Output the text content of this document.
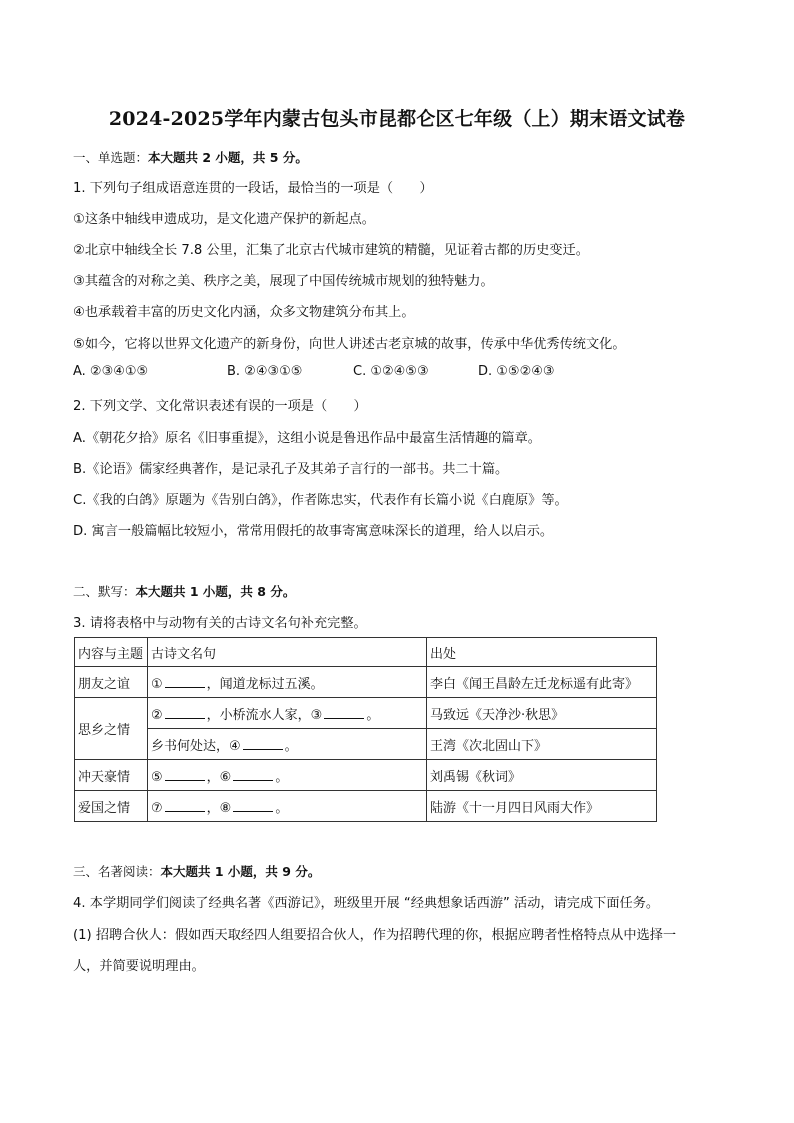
2024-2025学年内蒙古包头市昆都仑区七年级（上）期末语文试卷
一、单选题：本大题共 2 小题，共 5 分。
1. 下列句子组成语意连贯的一段话，最恰当的一项是（　　）
①这条中轴线申遗成功，是文化遗产保护的新起点。
②北京中轴线全长 7.8 公里，汇集了北京古代城市建筑的精髓，见证着古都的历史变迁。
③其蕴含的对称之美、秩序之美，展现了中国传统城市规划的独特魅力。
④也承载着丰富的历史文化内涵，众多文物建筑分布其上。
⑤如今，它将以世界文化遗产的新身份，向世人讲述古老京城的故事，传承中华优秀传统文化。
A. ②③④①⑤	B. ②④③①⑤	C. ①②④⑤③	D. ①⑤②④③
2. 下列文学、文化常识表述有误的一项是（　　）
A.《朝花夕拾》原名《旧事重提》，这组小说是鲁迅作品中最富生活情趣的篇章。
B.《论语》儒家经典著作，是记录孔子及其弟子言行的一部书。共二十篇。
C.《我的白鸽》原题为《告别白鸽》，作者陈忠实，代表作有长篇小说《白鹿原》等。
D. 寓言一般篇幅比较短小，常常用假托的故事寄寓意味深长的道理，给人以启示。
二、默写：本大题共 1 小题，共 8 分。
3. 请将表格中与动物有关的古诗文名句补充完整。
内容与主题	古诗文名句	出处
朋友之谊	① ，闻道龙标过五溪。	李白《闻王昌龄左迁龙标遥有此寄》
思乡之情	② ，小桥流水人家，③ 。	马致远《天净沙·秋思》
	乡书何处达，④ 。	王湾《次北固山下》
冲天豪情	⑤ ，⑥ 。	刘禹锡《秋词》
爱国之情	⑦ ，⑧ 。	陆游《十一月四日风雨大作》
三、名著阅读：本大题共 1 小题，共 9 分。
4. 本学期同学们阅读了经典名著《西游记》，班级里开展 “经典想象话西游” 活动，请完成下面任务。
(1) 招聘合伙人：假如西天取经四人组要招合伙人，作为招聘代理的你，根据应聘者性格特点从中选择一
人，并简要说明理由。
